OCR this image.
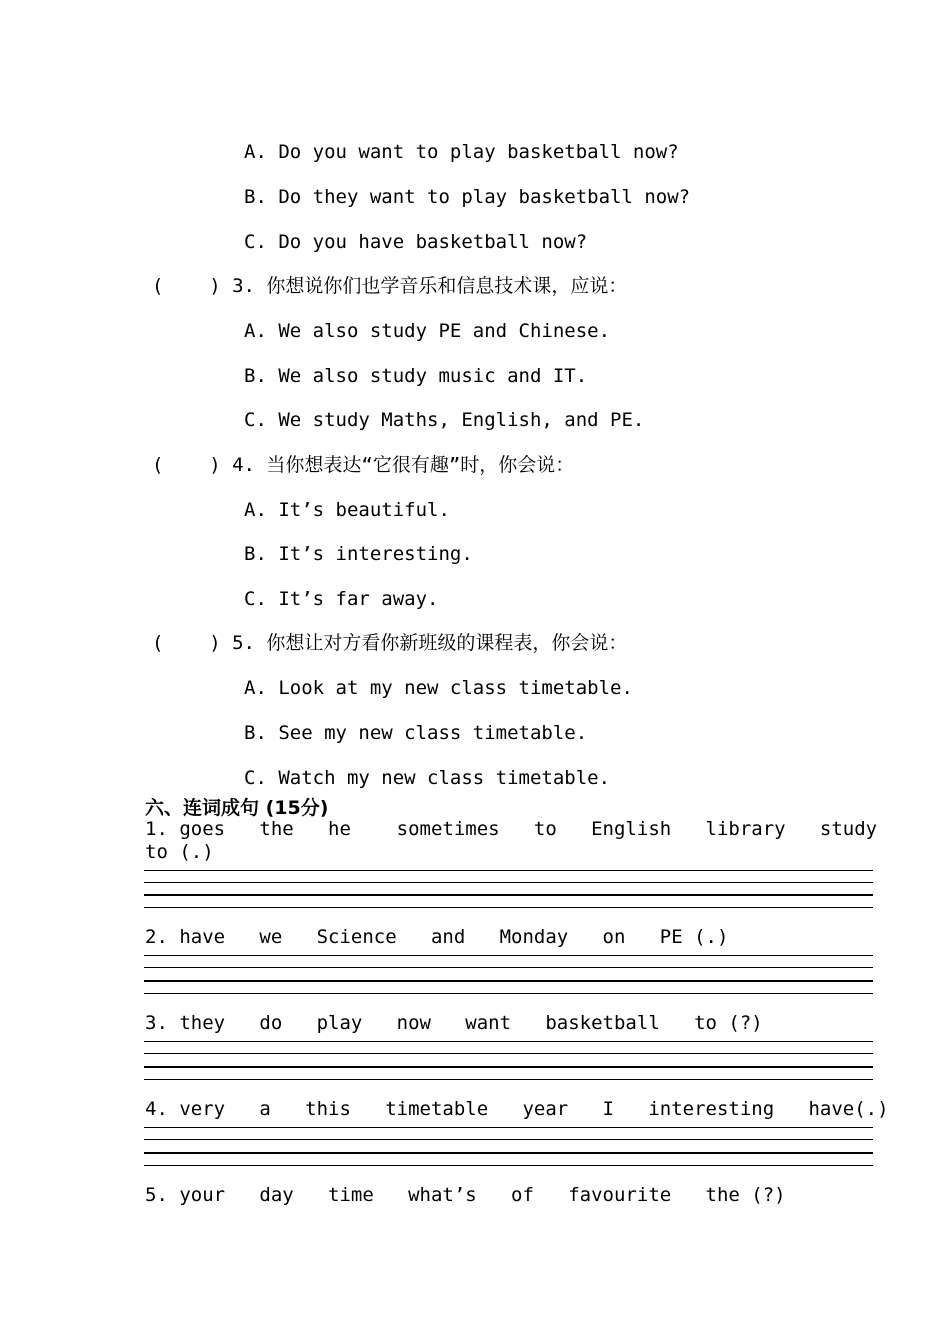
A. Do you want to play basketball now?
B. Do they want to play basketball now?
C. Do you have basketball now?
(    ) 3. 你想说你们也学音乐和信息技术课，应说：
A. We also study PE and Chinese.
B. We also study music and IT.
C. We study Maths, English, and PE.
(    ) 4. 当你想表达“它很有趣”时，你会说：
A. It’s beautiful.
B. It’s interesting.
C. It’s far away.
(    ) 5. 你想让对方看你新班级的课程表，你会说：
A. Look at my new class timetable.
B. See my new class timetable.
C. Watch my new class timetable.
六、连词成句 (15分)
1. goes   the   he    sometimes   to   English   library   study
to (.)
2. have   we   Science   and   Monday   on   PE (.)
3. they   do   play   now   want   basketball   to (?)
4. very   a   this   timetable   year   I   interesting   have(.)
5. your   day   time   what’s   of   favourite   the (?)
